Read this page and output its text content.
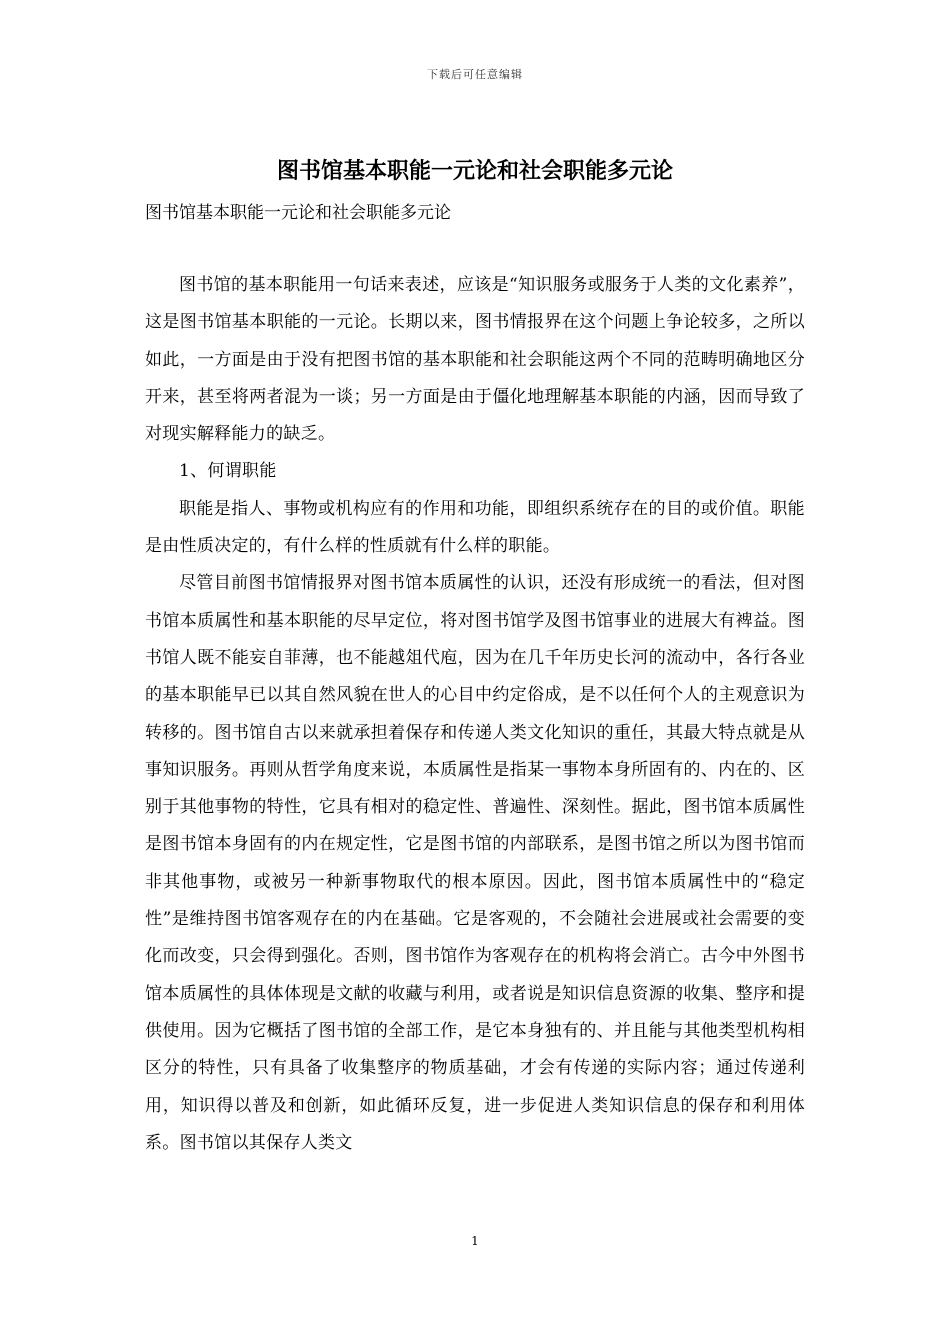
下载后可任意编辑
图书馆基本职能一元论和社会职能多元论

图书馆基本职能一元论和社会职能多元论

图书馆的基本职能用一句话来表述，应该是“知识服务或服务于人类的文化素养”，这是图书馆基本职能的一元论。长期以来，图书情报界在这个问题上争论较多，之所以如此，一方面是由于没有把图书馆的基本职能和社会职能这两个不同的范畴明确地区分开来，甚至将两者混为一谈；另一方面是由于僵化地理解基本职能的内涵，因而导致了对现实解释能力的缺乏。

1、何谓职能

职能是指人、事物或机构应有的作用和功能，即组织系统存在的目的或价值。职能是由性质决定的，有什么样的性质就有什么样的职能。

尽管目前图书馆情报界对图书馆本质属性的认识，还没有形成统一的看法，但对图书馆本质属性和基本职能的尽早定位，将对图书馆学及图书馆事业的进展大有裨益。图书馆人既不能妄自菲薄，也不能越俎代庖，因为在几千年历史长河的流动中，各行各业的基本职能早已以其自然风貌在世人的心目中约定俗成，是不以任何个人的主观意识为转移的。图书馆自古以来就承担着保存和传递人类文化知识的重任，其最大特点就是从事知识服务。再则从哲学角度来说，本质属性是指某一事物本身所固有的、内在的、区别于其他事物的特性，它具有相对的稳定性、普遍性、深刻性。据此，图书馆本质属性是图书馆本身固有的内在规定性，它是图书馆的内部联系，是图书馆之所以为图书馆而非其他事物，或被另一种新事物取代的根本原因。因此，图书馆本质属性中的“稳定性”是维持图书馆客观存在的内在基础。它是客观的，不会随社会进展或社会需要的变化而改变，只会得到强化。否则，图书馆作为客观存在的机构将会消亡。古今中外图书馆本质属性的具体体现是文献的收藏与利用，或者说是知识信息资源的收集、整序和提供使用。因为它概括了图书馆的全部工作，是它本身独有的、并且能与其他类型机构相区分的特性，只有具备了收集整序的物质基础，才会有传递的实际内容；通过传递利用，知识得以普及和创新，如此循环反复，进一步促进人类知识信息的保存和利用体系。图书馆以其保存人类文

1
